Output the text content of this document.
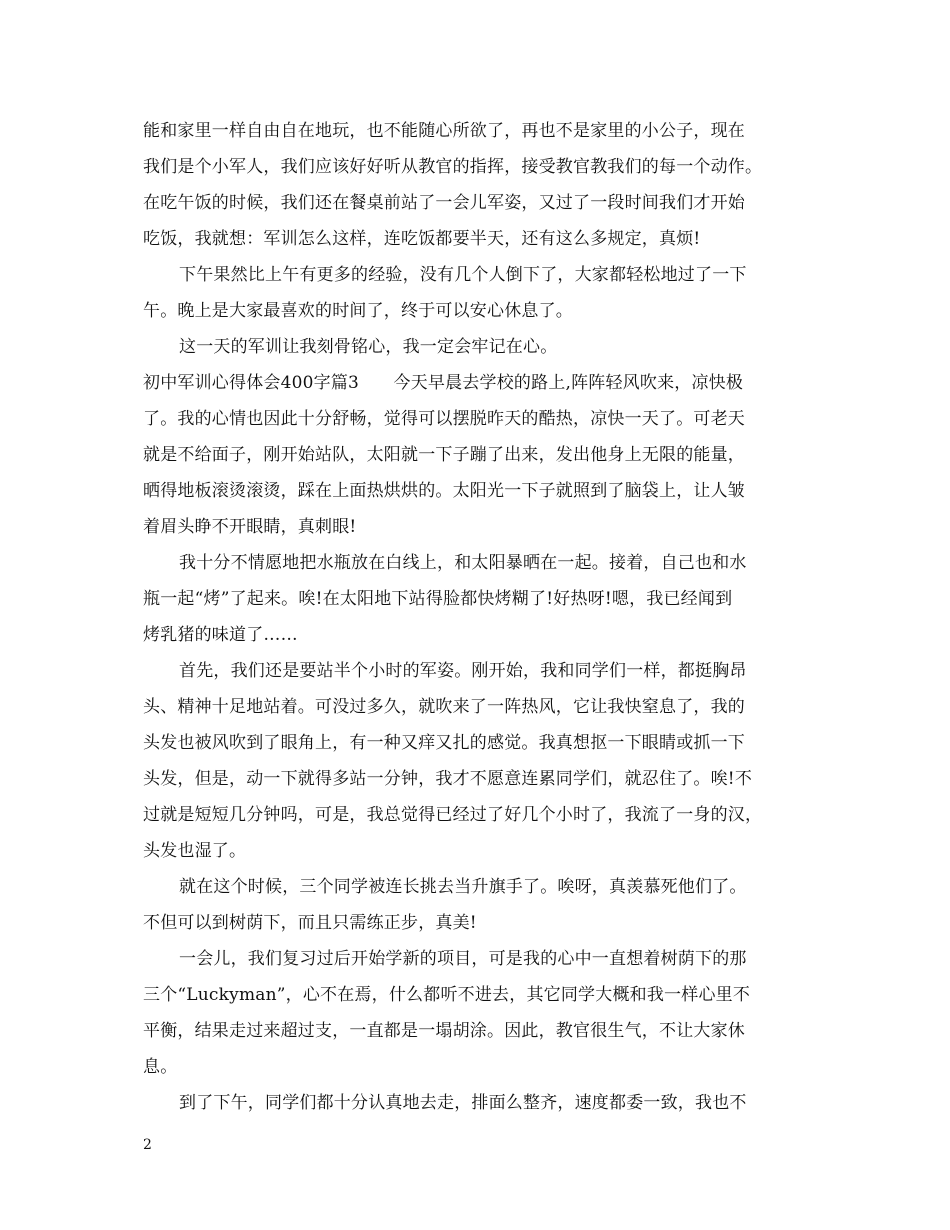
能和家里一样自由自在地玩，也不能随心所欲了，再也不是家里的小公子，现在
我们是个小军人，我们应该好好听从教官的指挥，接受教官教我们的每一个动作。
在吃午饭的时候，我们还在餐桌前站了一会儿军姿，又过了一段时间我们才开始
吃饭，我就想：军训怎么这样，连吃饭都要半天，还有这么多规定，真烦!
下午果然比上午有更多的经验，没有几个人倒下了，大家都轻松地过了一下
午。晚上是大家最喜欢的时间了，终于可以安心休息了。
这一天的军训让我刻骨铭心，我一定会牢记在心。
初中军训心得体会400字篇3　　今天早晨去学校的路上,阵阵轻风吹来，凉快极
了。我的心情也因此十分舒畅，觉得可以摆脱昨天的酷热，凉快一天了。可老天
就是不给面子，刚开始站队，太阳就一下子蹦了出来，发出他身上无限的能量，
晒得地板滚烫滚烫，踩在上面热烘烘的。太阳光一下子就照到了脑袋上，让人皱
着眉头睁不开眼睛，真刺眼!
我十分不情愿地把水瓶放在白线上，和太阳暴晒在一起。接着，自己也和水
瓶一起“烤”了起来。唉!在太阳地下站得脸都快烤糊了!好热呀!嗯，我已经闻到
烤乳猪的味道了……
首先，我们还是要站半个小时的军姿。刚开始，我和同学们一样，都挺胸昂
头、精神十足地站着。可没过多久，就吹来了一阵热风，它让我快窒息了，我的
头发也被风吹到了眼角上，有一种又痒又扎的感觉。我真想抠一下眼睛或抓一下
头发，但是，动一下就得多站一分钟，我才不愿意连累同学们，就忍住了。唉!不
过就是短短几分钟吗，可是，我总觉得已经过了好几个小时了，我流了一身的汉，
头发也湿了。
就在这个时候，三个同学被连长挑去当升旗手了。唉呀，真羡慕死他们了。
不但可以到树荫下，而且只需练正步，真美!
一会儿，我们复习过后开始学新的项目，可是我的心中一直想着树荫下的那
三个“Luckyman”，心不在焉，什么都听不进去，其它同学大概和我一样心里不
平衡，结果走过来超过支，一直都是一塌胡涂。因此，教官很生气，不让大家休
息。
到了下午，同学们都十分认真地去走，排面么整齐，速度都委一致，我也不
2
